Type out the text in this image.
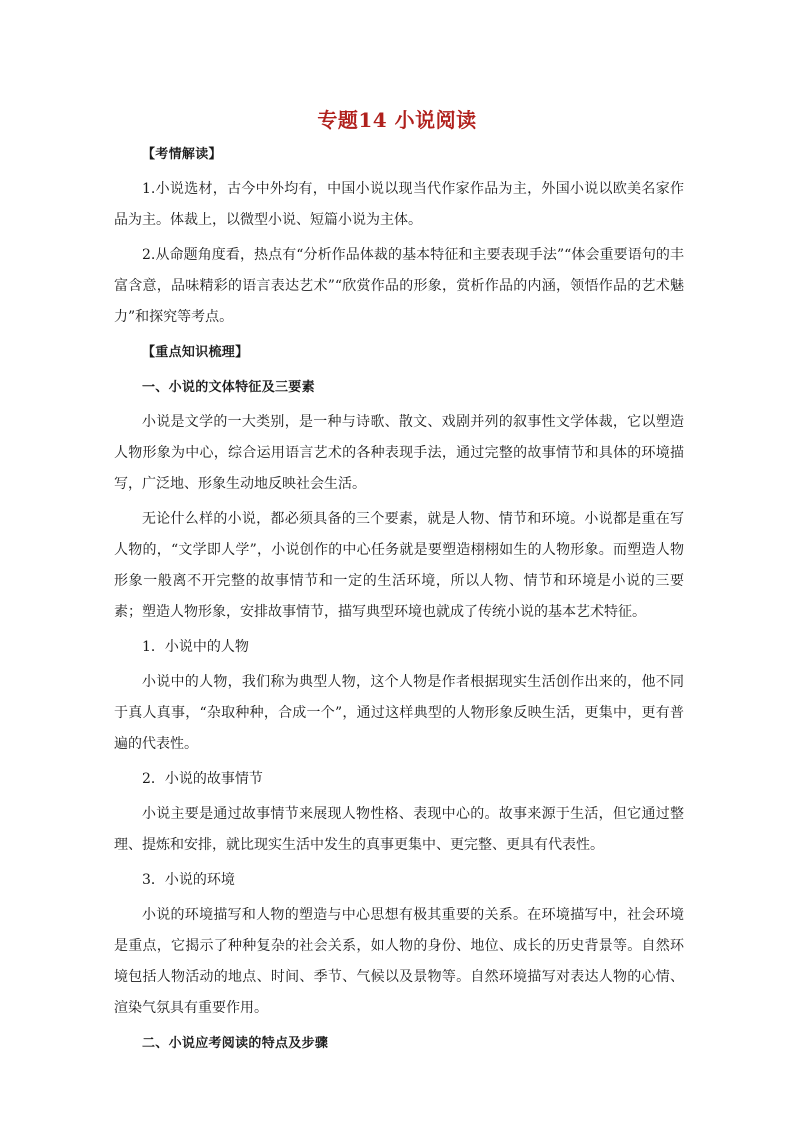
专题14 小说阅读

【考情解读】

1.小说选材，古今中外均有，中国小说以现当代作家作品为主，外国小说以欧美名家作品为主。体裁上，以微型小说、短篇小说为主体。

2.从命题角度看，热点有“分析作品体裁的基本特征和主要表现手法”“体会重要语句的丰富含意，品味精彩的语言表达艺术”“欣赏作品的形象，赏析作品的内涵，领悟作品的艺术魅力”和探究等考点。

【重点知识梳理】

一、小说的文体特征及三要素

小说是文学的一大类别，是一种与诗歌、散文、戏剧并列的叙事性文学体裁，它以塑造人物形象为中心，综合运用语言艺术的各种表现手法，通过完整的故事情节和具体的环境描写，广泛地、形象生动地反映社会生活。

无论什么样的小说，都必须具备的三个要素，就是人物、情节和环境。小说都是重在写人物的，“文学即人学”，小说创作的中心任务就是要塑造栩栩如生的人物形象。而塑造人物形象一般离不开完整的故事情节和一定的生活环境，所以人物、情节和环境是小说的三要素；塑造人物形象，安排故事情节，描写典型环境也就成了传统小说的基本艺术特征。

1．小说中的人物

小说中的人物，我们称为典型人物，这个人物是作者根据现实生活创作出来的，他不同于真人真事，“杂取种种，合成一个”，通过这样典型的人物形象反映生活，更集中，更有普遍的代表性。

2．小说的故事情节

小说主要是通过故事情节来展现人物性格、表现中心的。故事来源于生活，但它通过整理、提炼和安排，就比现实生活中发生的真事更集中、更完整、更具有代表性。

3．小说的环境

小说的环境描写和人物的塑造与中心思想有极其重要的关系。在环境描写中，社会环境是重点，它揭示了种种复杂的社会关系，如人物的身份、地位、成长的历史背景等。自然环境包括人物活动的地点、时间、季节、气候以及景物等。自然环境描写对表达人物的心情、渲染气氛具有重要作用。

二、小说应考阅读的特点及步骤
